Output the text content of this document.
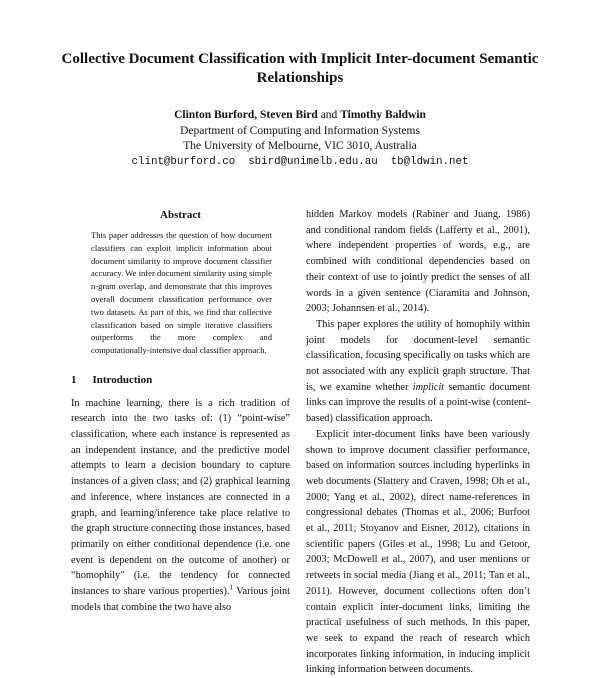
Collective Document Classification with Implicit Inter-document Semantic Relationships
Clinton Burford, Steven Bird and Timothy Baldwin
Department of Computing and Information Systems
The University of Melbourne, VIC 3010, Australia
clint@burford.co  sbird@unimelb.edu.au  tb@ldwin.net
Abstract

This paper addresses the question of how document classifiers can exploit implicit information about document similarity to improve document classifier accuracy. We infer document similarity using simple n-gram overlap, and demonstrate that this improves overall document classification performance over two datasets. As part of this, we find that collective classification based on simple iterative classifiers outperforms the more complex and computationally-intensive dual classifier approach.

1 Introduction

In machine learning, there is a rich tradition of research into the two tasks of: (1) “point-wise” classification, where each instance is represented as an independent instance, and the predictive model attempts to learn a decision boundary to capture instances of a given class; and (2) graphical learning and inference, where instances are connected in a graph, and learning/inference take place relative to the graph structure connecting those instances, based primarily on either conditional dependence (i.e. one event is dependent on the outcome of another) or “homophily” (i.e. the tendency for connected instances to share various properties).$^1$ Various joint models that combine the two have also

hidden Markov models (Rabiner and Juang, 1986) and conditional random fields (Lafferty et al., 2001), where independent properties of words, e.g., are combined with conditional dependencies based on their context of use to jointly predict the senses of all words in a given sentence (Ciaramita and Johnson, 2003; Johannsen et al., 2014).

This paper explores the utility of homophily within joint models for document-level semantic classification, focusing specifically on tasks which are not associated with any explicit graph structure. That is, we examine whether implicit semantic document links can improve the results of a point-wise (content-based) classification approach.

Explicit inter-document links have been variously shown to improve document classifier performance, based on information sources including hyperlinks in web documents (Slattery and Craven, 1998; Oh et al., 2000; Yang et al., 2002), direct name-references in congressional debates (Thomas et al., 2006; Burfoot et al., 2011; Stoyanov and Eisner, 2012), citations in scientific papers (Giles et al., 1998; Lu and Getoor, 2003; McDowell et al., 2007), and user mentions or retweets in social media (Jiang et al., 2011; Tan et al., 2011). However, document collections often don’t contain explicit inter-document links, limiting the practical usefulness of such methods. In this paper, we seek to expand the reach of research which incorporates linking information, in inducing implicit linking information between documents.
